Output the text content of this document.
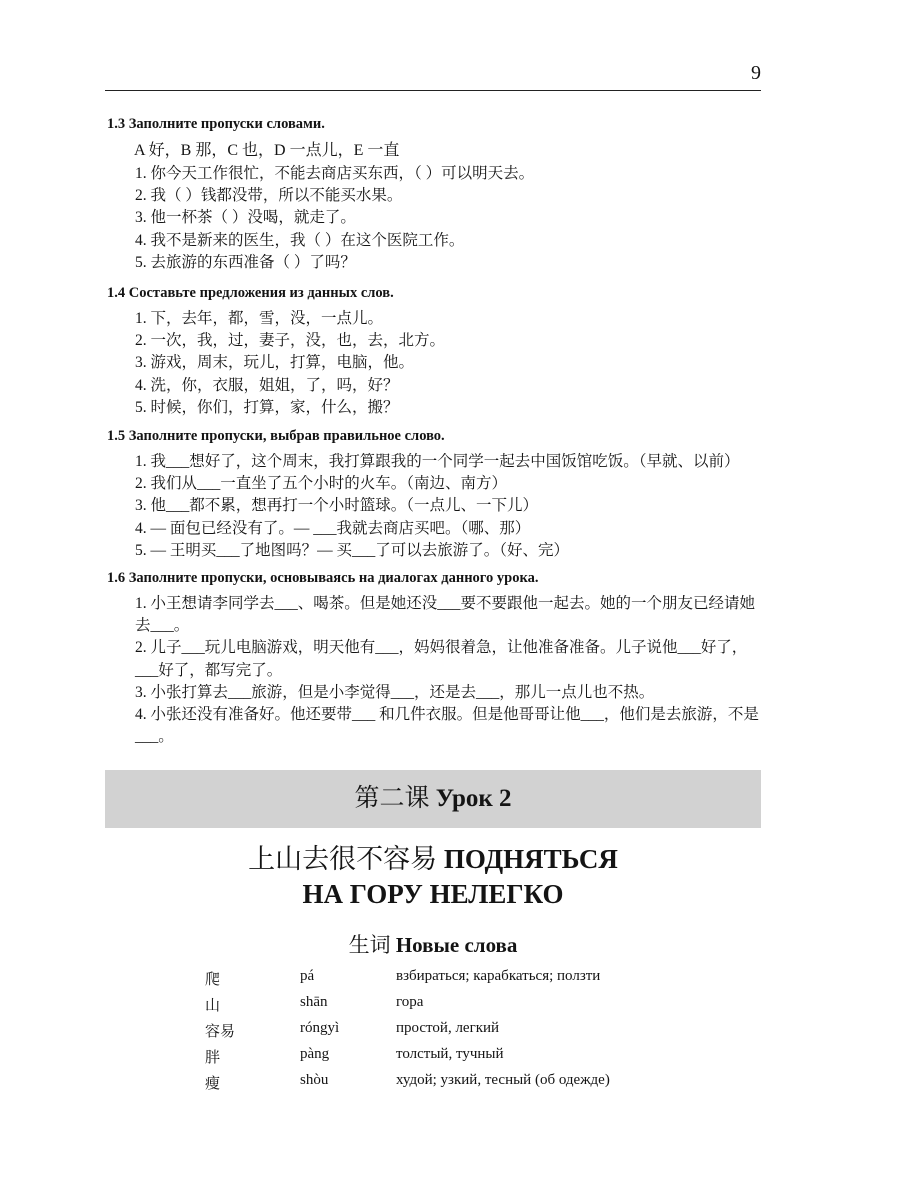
9

1.3 Заполните пропуски словами.

A 好，B 那，C 也，D 一点儿，E 一直
1. 你今天工作很忙，不能去商店买东西，（ ）可以明天去。
2. 我（ ）钱都没带，所以不能买水果。
3. 他一杯茶（ ）没喝，就走了。
4. 我不是新来的医生，我（ ）在这个医院工作。
5. 去旅游的东西准备（ ）了吗？

1.4 Составьте предложения из данных слов.

1. 下，去年，都，雪，没，一点儿。
2. 一次，我，过，妻子，没，也，去，北方。
3. 游戏，周末，玩儿，打算，电脑，他。
4. 洗，你，衣服，姐姐，了，吗，好？
5. 时候，你们，打算，家，什么，搬？

1.5 Заполните пропуски, выбрав правильное слово.

1. 我___想好了，这个周末，我打算跟我的一个同学一起去中国饭馆吃饭。（早就、以前）
2. 我们从___一直坐了五个小时的火车。（南边、南方）
3. 他___都不累，想再打一个小时篮球。（一点儿、一下儿）
4. — 面包已经没有了。— ___我就去商店买吧。（哪、那）
5. — 王明买___了地图吗？— 买___了可以去旅游了。（好、完）

1.6 Заполните пропуски, основываясь на диалогах данного урока.

1. 小王想请李同学去___、喝茶。但是她还没___要不要跟他一起去。她的一个朋友已经请她去___。
2. 儿子___玩儿电脑游戏，明天他有___，妈妈很着急，让他准备准备。儿子说他___好了，___好了，都写完了。
3. 小张打算去___旅游，但是小李觉得___，还是去___，那儿一点儿也不热。
4. 小张还没有准备好。他还要带___ 和几件衣服。但是他哥哥让他___，他们是去旅游，不是___。
第二课 Урок 2
上山去很不容易 ПОДНЯТЬСЯ
НА ГОРУ НЕЛЕГКО
生词 Новые слова
爬	pá	взбираться; карабкаться; ползти
山	shān	гора
容易	róngyì	простой, легкий
胖	pàng	толстый, тучный
瘦	shòu	худой; узкий, тесный (об одежде)
